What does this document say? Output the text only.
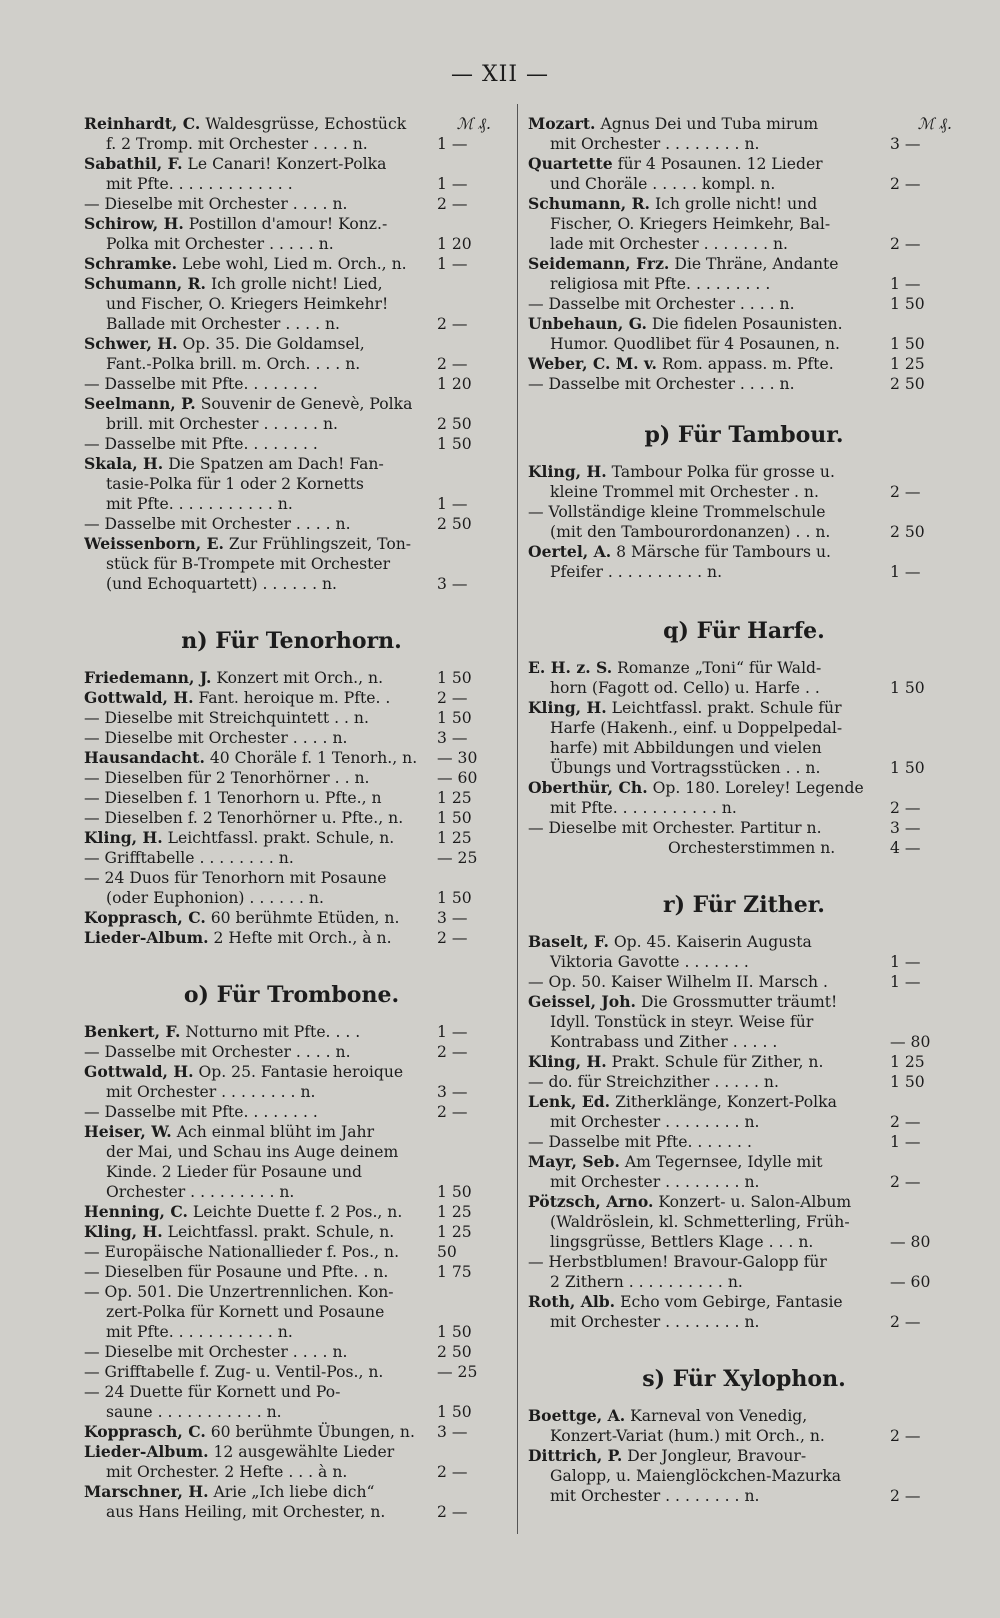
— XII —
Reinhardt, C. Waldesgrüsse, Echostück
f. 2 Tromp. mit Orchester . . . . n.	1 —
ℳ ₰.
Sabathil, F. Le Canari! Konzert-Polka
mit Pfte. . . . . . . . . . . . .	1 —
— Dieselbe mit Orchester . . . . n.	2 —
Schirow, H. Postillon d'amour! Konz.-
Polka mit Orchester . . . . . n.	1 20
Schramke. Lebe wohl, Lied m. Orch., n.	1 —
Schumann, R. Ich grolle nicht! Lied,
und Fischer, O. Kriegers Heimkehr!
Ballade mit Orchester . . . . n.	2 —
Schwer, H. Op. 35. Die Goldamsel,
Fant.-Polka brill. m. Orch. . . . n.	2 —
— Dasselbe mit Pfte. . . . . . . .	1 20
Seelmann, P. Souvenir de Genevè, Polka
brill. mit Orchester . . . . . . n.	2 50
— Dasselbe mit Pfte. . . . . . . .	1 50
Skala, H. Die Spatzen am Dach! Fan-
tasie-Polka für 1 oder 2 Kornetts
mit Pfte. . . . . . . . . . . n.	1 —
— Dasselbe mit Orchester . . . . n.	2 50
Weissenborn, E. Zur Frühlingszeit, Ton-
stück für B-Trompete mit Orchester
(und Echoquartett) . . . . . . n.	3 —
n) Für Tenorhorn.
Friedemann, J. Konzert mit Orch., n.	1 50
Gottwald, H. Fant. heroique m. Pfte. .	2 —
— Dieselbe mit Streichquintett . . n.	1 50
— Dieselbe mit Orchester . . . . n.	3 —
Hausandacht. 40 Choräle f. 1 Tenorh., n.	— 30
— Dieselben für 2 Tenorhörner . . n.	— 60
— Dieselben f. 1 Tenorhorn u. Pfte., n	1 25
— Dieselben f. 2 Tenorhörner u. Pfte., n.	1 50
Kling, H. Leichtfassl. prakt. Schule, n.	1 25
— Grifftabelle . . . . . . . . n.	— 25
— 24 Duos für Tenorhorn mit Posaune
(oder Euphonion) . . . . . . n.	1 50
Kopprasch, C. 60 berühmte Etüden, n.	3 —
Lieder-Album. 2 Hefte mit Orch., à n.	2 —
o) Für Trombone.
Benkert, F. Notturno mit Pfte. . . .	1 —
— Dasselbe mit Orchester . . . . n.	2 —
Gottwald, H. Op. 25. Fantasie heroique
mit Orchester . . . . . . . . n.	3 —
— Dasselbe mit Pfte. . . . . . . .	2 —
Heiser, W. Ach einmal blüht im Jahr
der Mai, und Schau ins Auge deinem
Kinde. 2 Lieder für Posaune und
Orchester . . . . . . . . . n.	1 50
Henning, C. Leichte Duette f. 2 Pos., n.	1 25
Kling, H. Leichtfassl. prakt. Schule, n.	1 25
— Europäische Nationallieder f. Pos., n.	50
— Dieselben für Posaune und Pfte. . n.	1 75
— Op. 501. Die Unzertrennlichen. Kon-
zert-Polka für Kornett und Posaune
mit Pfte. . . . . . . . . . . n.	1 50
— Dieselbe mit Orchester . . . . n.	2 50
— Grifftabelle f. Zug- u. Ventil-Pos., n.	— 25
— 24 Duette für Kornett und Po-
saune . . . . . . . . . . . n.	1 50
Kopprasch, C. 60 berühmte Übungen, n.	3 —
Lieder-Album. 12 ausgewählte Lieder
mit Orchester. 2 Hefte . . . à n.	2 —
Marschner, H. Arie „Ich liebe dich“
aus Hans Heiling, mit Orchester, n.	2 —
Mozart. Agnus Dei und Tuba mirum
mit Orchester . . . . . . . . n.	3 —
ℳ ₰.
Quartette für 4 Posaunen. 12 Lieder
und Choräle . . . . . kompl. n.	2 —
Schumann, R. Ich grolle nicht! und
Fischer, O. Kriegers Heimkehr, Bal-
lade mit Orchester . . . . . . . n.	2 —
Seidemann, Frz. Die Thräne, Andante
religiosa mit Pfte. . . . . . . . .	1 —
— Dasselbe mit Orchester . . . . n.	1 50
Unbehaun, G. Die fidelen Posaunisten.
Humor. Quodlibet für 4 Posaunen, n.	1 50
Weber, C. M. v. Rom. appass. m. Pfte.	1 25
— Dasselbe mit Orchester . . . . n.	2 50
p) Für Tambour.
Kling, H. Tambour Polka für grosse u.
kleine Trommel mit Orchester . n.	2 —
— Vollständige kleine Trommelschule
(mit den Tambourordonanzen) . . n.	2 50
Oertel, A. 8 Märsche für Tambours u.
Pfeifer . . . . . . . . . . n.	1 —
q) Für Harfe.
E. H. z. S. Romanze „Toni“ für Wald-
horn (Fagott od. Cello) u. Harfe . .	1 50
Kling, H. Leichtfassl. prakt. Schule für
Harfe (Hakenh., einf. u Doppelpedal-
harfe) mit Abbildungen und vielen
Übungs und Vortragsstücken . . n.	1 50
Oberthür, Ch. Op. 180. Loreley! Legende
mit Pfte. . . . . . . . . . . n.	2 —
— Dieselbe mit Orchester. Partitur n.	3 —
Orchesterstimmen n.	4 —
r) Für Zither.
Baselt, F. Op. 45. Kaiserin Augusta
Viktoria Gavotte . . . . . . .	1 —
— Op. 50. Kaiser Wilhelm II. Marsch .	1 —
Geissel, Joh. Die Grossmutter träumt!
Idyll. Tonstück in steyr. Weise für
Kontrabass und Zither . . . . .	— 80
Kling, H. Prakt. Schule für Zither, n.	1 25
— do. für Streichzither . . . . . n.	1 50
Lenk, Ed. Zitherklänge, Konzert-Polka
mit Orchester . . . . . . . . n.	2 —
— Dasselbe mit Pfte. . . . . . .	1 —
Mayr, Seb. Am Tegernsee, Idylle mit
mit Orchester . . . . . . . . n.	2 —
Pötzsch, Arno. Konzert- u. Salon-Album
(Waldröslein, kl. Schmetterling, Früh-
lingsgrüsse, Bettlers Klage . . . n.	— 80
— Herbstblumen! Bravour-Galopp für
2 Zithern . . . . . . . . . . n.	— 60
Roth, Alb. Echo vom Gebirge, Fantasie
mit Orchester . . . . . . . . n.	2 —
s) Für Xylophon.
Boettge, A. Karneval von Venedig,
Konzert-Variat (hum.) mit Orch., n.	2 —
Dittrich, P. Der Jongleur, Bravour-
Galopp, u. Maienglöckchen-Mazurka
mit Orchester . . . . . . . . n.	2 —
